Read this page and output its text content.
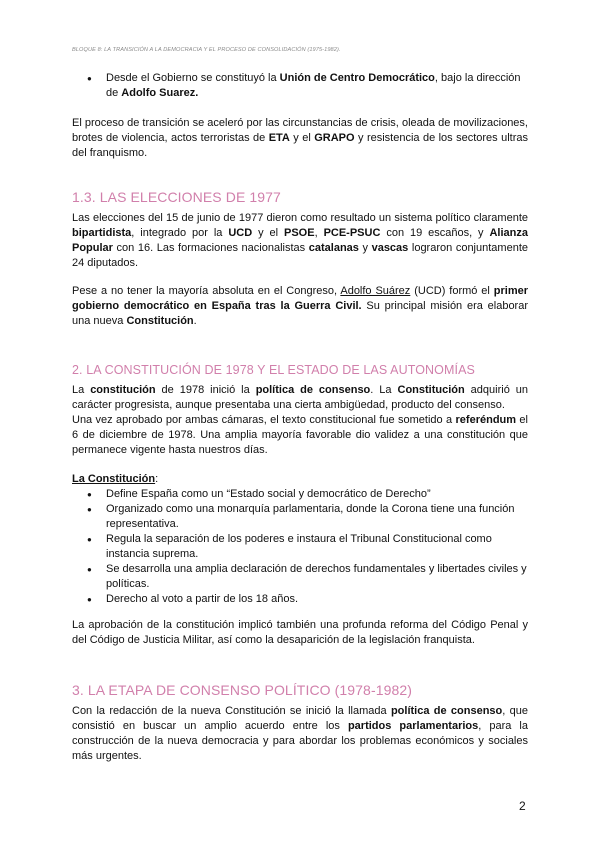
BLOQUE 8: LA TRANSICIÓN A LA DEMOCRACIA Y EL PROCESO DE CONSOLIDACIÓN (1975-1982).
● Desde el Gobierno se constituyó la Unión de Centro Democrático, bajo la dirección de Adolfo Suarez.

El proceso de transición se aceleró por las circunstancias de crisis, oleada de movilizaciones, brotes de violencia, actos terroristas de ETA y el GRAPO y resistencia de los sectores ultras del franquismo.

1.3. LAS ELECCIONES DE 1977

Las elecciones del 15 de junio de 1977 dieron como resultado un sistema político claramente bipartidista, integrado por la UCD y el PSOE, PCE-PSUC con 19 escaños, y Alianza Popular con 16. Las formaciones nacionalistas catalanas y vascas lograron conjuntamente 24 diputados.

Pese a no tener la mayoría absoluta en el Congreso, Adolfo Suárez (UCD) formó el primer gobierno democrático en España tras la Guerra Civil. Su principal misión era elaborar una nueva Constitución.

2. LA CONSTITUCIÓN DE 1978 Y EL ESTADO DE LAS AUTONOMÍAS

La constitución de 1978 inició la política de consenso. La Constitución adquirió un carácter progresista, aunque presentaba una cierta ambigüedad, producto del consenso.

Una vez aprobado por ambas cámaras, el texto constitucional fue sometido a referéndum el 6 de diciembre de 1978. Una amplia mayoría favorable dio validez a una constitución que permanece vigente hasta nuestros días.

La Constitución:

● Define España como un “Estado social y democrático de Derecho”
● Organizado como una monarquía parlamentaria, donde la Corona tiene una función representativa.
● Regula la separación de los poderes e instaura el Tribunal Constitucional como instancia suprema.
● Se desarrolla una amplia declaración de derechos fundamentales y libertades civiles y políticas.
● Derecho al voto a partir de los 18 años.

La aprobación de la constitución implicó también una profunda reforma del Código Penal y del Código de Justicia Militar, así como la desaparición de la legislación franquista.

3. LA ETAPA DE CONSENSO POLÍTICO (1978-1982)

Con la redacción de la nueva Constitución se inició la llamada política de consenso, que consistió en buscar un amplio acuerdo entre los partidos parlamentarios, para la construcción de la nueva democracia y para abordar los problemas económicos y sociales más urgentes.

2
